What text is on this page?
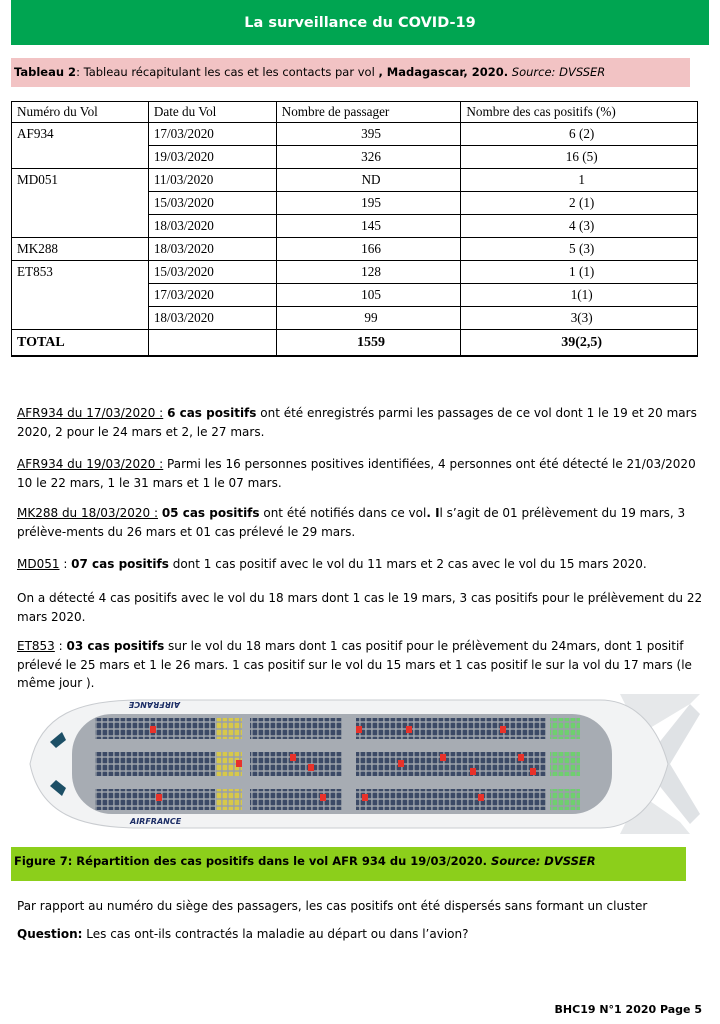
La surveillance du COVID-19
Tableau 2: Tableau récapitulant les cas et les contacts par vol , Madagascar, 2020. Source: DVSSER
Numéro du Vol	Date du Vol	Nombre de passager	Nombre des cas positifs (%)
AF934	17/03/2020	395	6 (2)
	19/03/2020	326	16 (5)
MD051	11/03/2020	ND	1
	15/03/2020	195	2 (1)
	18/03/2020	145	4 (3)
MK288	18/03/2020	166	5 (3)
ET853	15/03/2020	128	1 (1)
	17/03/2020	105	1(1)
	18/03/2020	99	3(3)
TOTAL		1559	39(2,5)
AFR934 du 17/03/2020 : 6 cas positifs ont été enregistrés parmi les passages de ce vol dont 1 le 19 et 20 mars 2020, 2 pour le 24 mars et 2, le 27 mars.
AFR934 du 19/03/2020 : Parmi les 16 personnes positives identifiées, 4 personnes ont été détecté le 21/03/2020 10 le 22 mars, 1 le 31 mars et 1 le 07 mars.
MK288 du 18/03/2020 : 05 cas positifs ont été notifiés dans ce vol. Il s’agit de 01 prélèvement du 19 mars, 3 prélève-ments du 26 mars et 01 cas prélevé le 29 mars.
MD051 : 07 cas positifs dont 1 cas positif avec le vol du 11 mars et 2 cas avec le vol du 15 mars 2020.
On a détecté 4 cas positifs avec le vol du 18 mars dont 1 cas le 19 mars, 3 cas positifs pour le prélèvement du 22 mars 2020.
ET853 : 03 cas positifs sur le vol du 18 mars dont 1 cas positif pour le prélèvement du 24mars, dont 1 positif prélevé le 25 mars et 1 le 26 mars. 1 cas positif sur le vol du 15 mars et 1 cas positif le sur la vol du 17 mars (le même jour ).
AIRFRANCE
AIRFRANCE
Figure 7: Répartition des cas positifs dans le vol AFR 934 du 19/03/2020. Source: DVSSER
Par rapport au numéro du siège des passagers, les cas positifs ont été dispersés sans formant un cluster
Question: Les cas ont-ils contractés la maladie au départ ou dans l’avion?
BHC19 N°1 2020 Page 5
